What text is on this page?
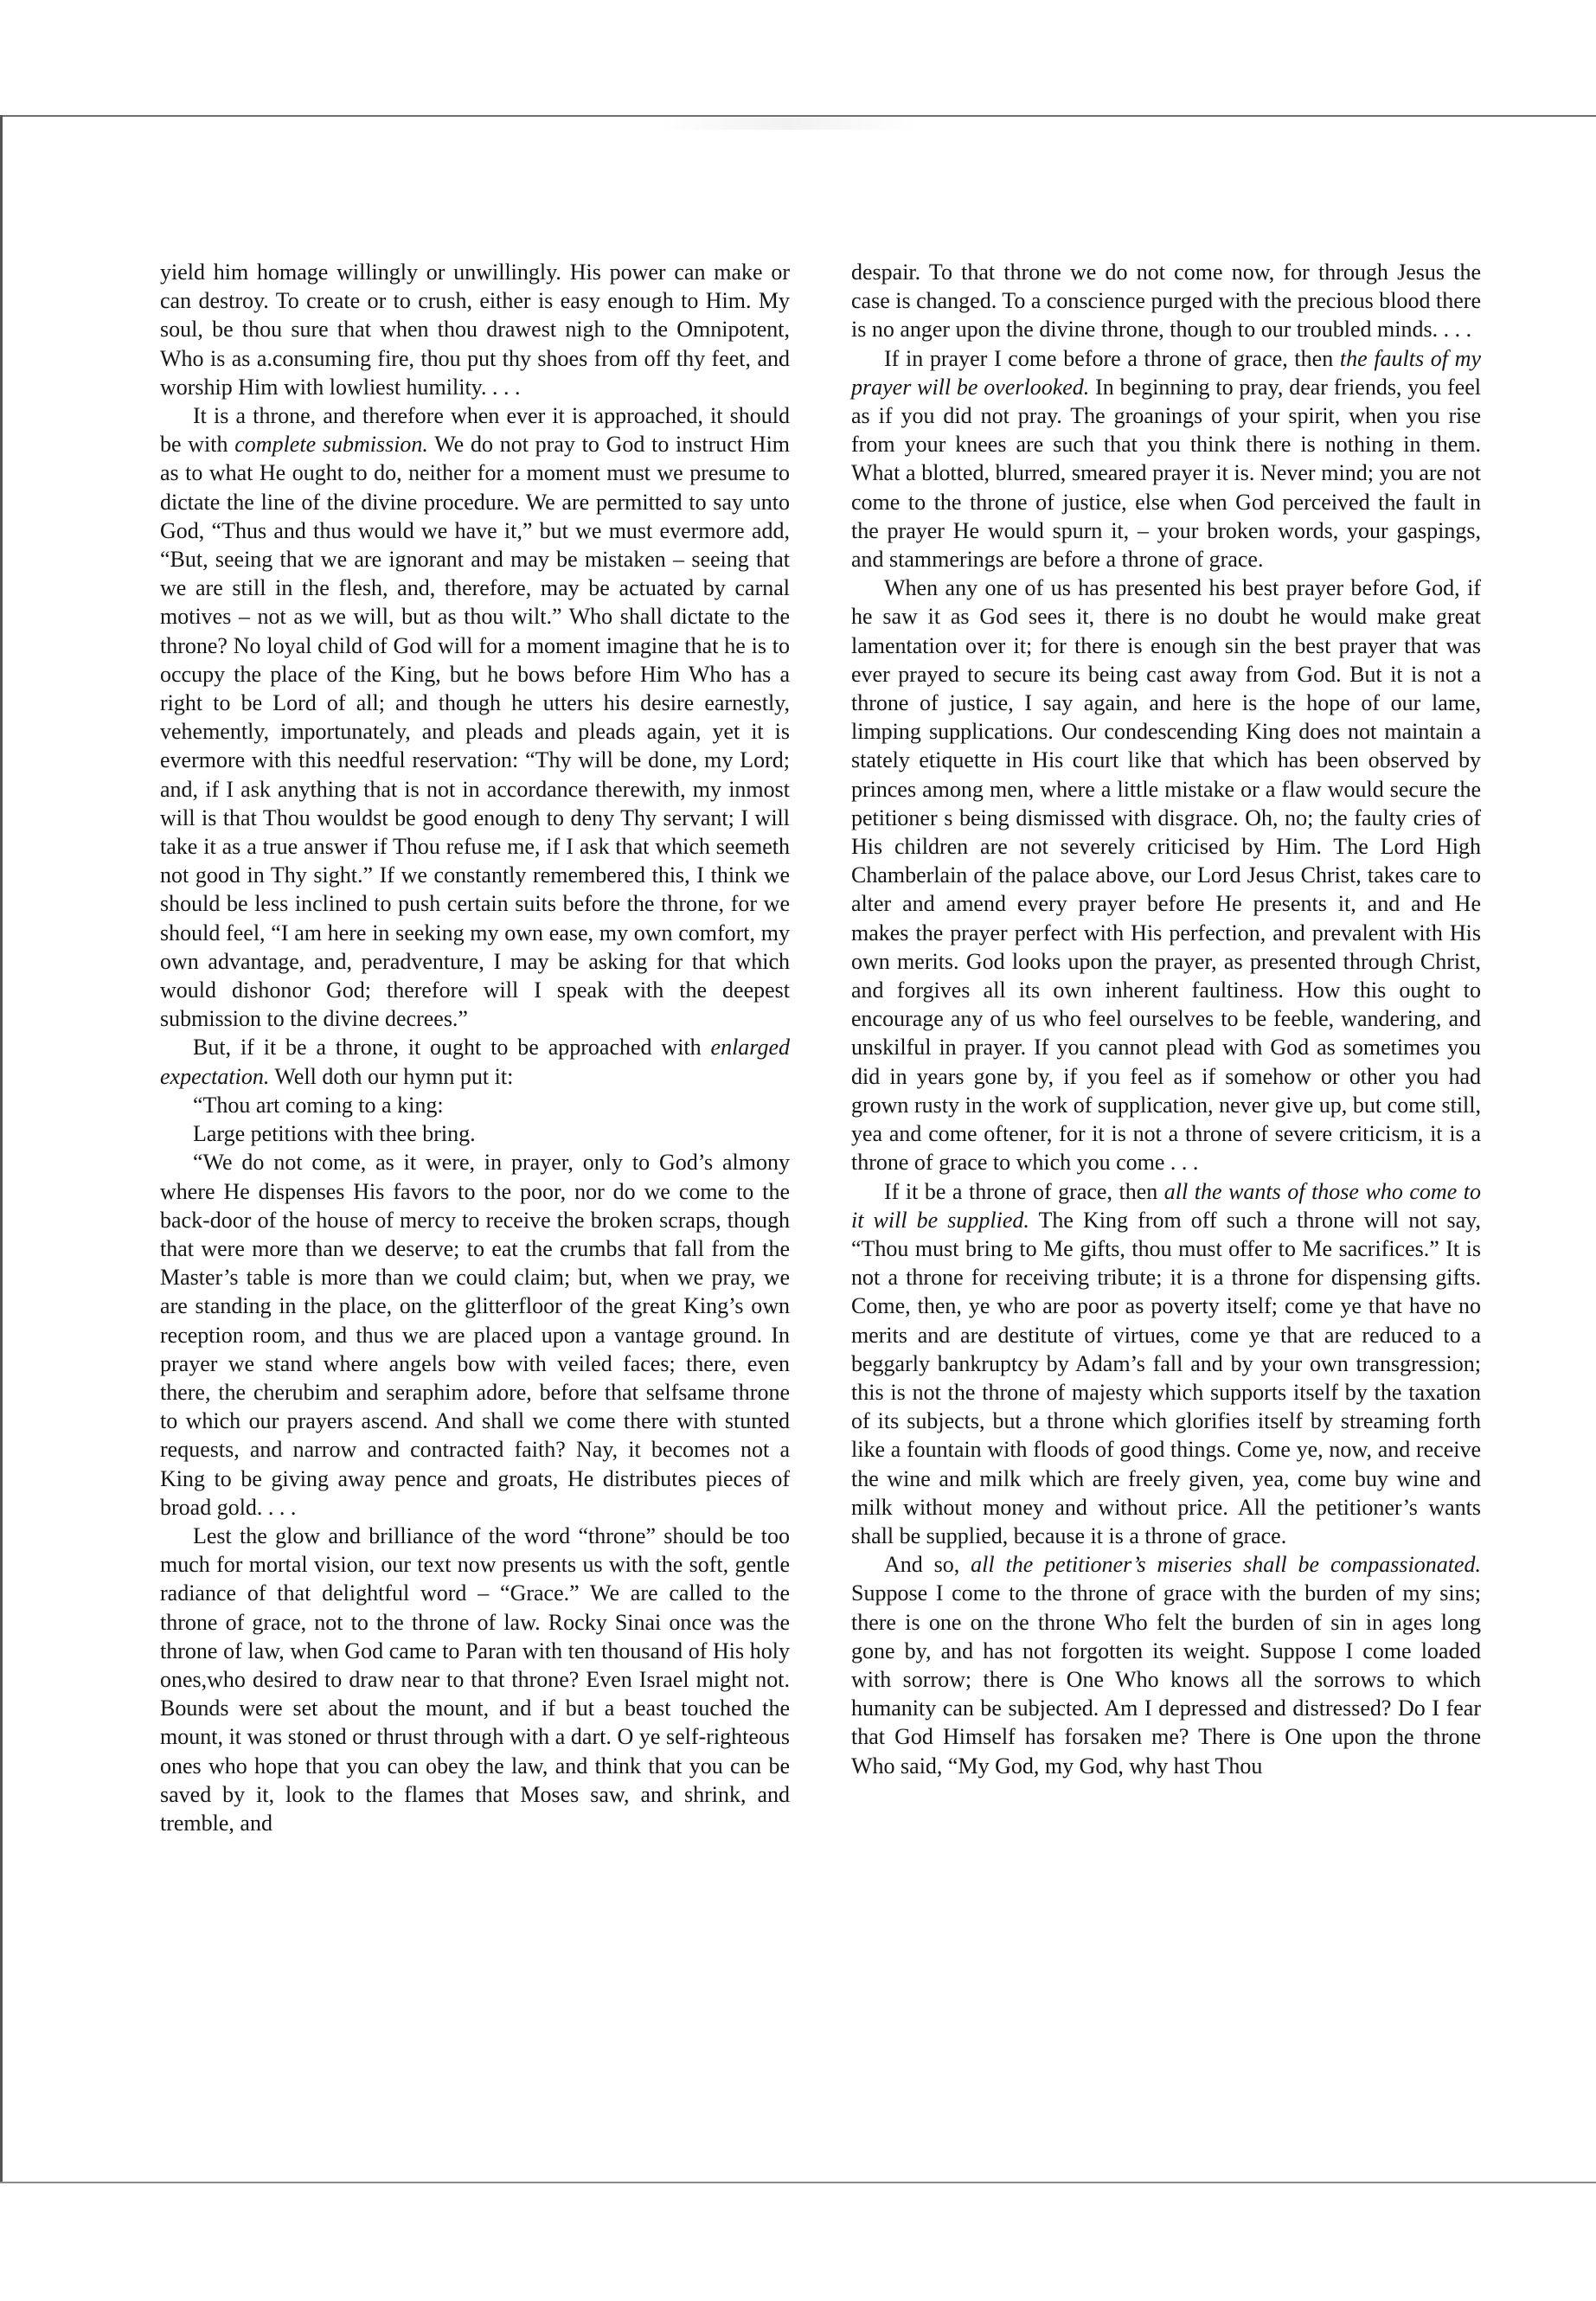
yield him homage willingly or unwillingly. His power can make or can destroy. To create or to crush, either is easy enough to Him. My soul, be thou sure that when thou drawest nigh to the Omnipotent, Who is as a.consuming fire, thou put thy shoes from off thy feet, and worship Him with lowliest humility. . . .

It is a throne, and therefore when ever it is approached, it should be with complete submission. We do not pray to God to instruct Him as to what He ought to do, neither for a moment must we presume to dictate the line of the divine procedure. We are permitted to say unto God, “Thus and thus would we have it,” but we must evermore add, “But, seeing that we are ignorant and may be mistaken – seeing that we are still in the flesh, and, therefore, may be actuated by carnal motives – not as we will, but as thou wilt.” Who shall dictate to the throne? No loyal child of God will for a moment imagine that he is to occupy the place of the King, but he bows before Him Who has a right to be Lord of all; and though he utters his desire earnestly, vehemently, importunately, and pleads and pleads again, yet it is evermore with this needful reservation: “Thy will be done, my Lord; and, if I ask anything that is not in accordance therewith, my inmost will is that Thou wouldst be good enough to deny Thy servant; I will take it as a true answer if Thou refuse me, if I ask that which seemeth not good in Thy sight.” If we constantly remembered this, I think we should be less inclined to push certain suits before the throne, for we should feel, “I am here in seeking my own ease, my own comfort, my own advantage, and, peradventure, I may be asking for that which would dishonor God; therefore will I speak with the deepest submission to the divine decrees.”

But, if it be a throne, it ought to be approached with enlarged expectation. Well doth our hymn put it:

“Thou art coming to a king:

Large petitions with thee bring.

“We do not come, as it were, in prayer, only to God’s almony where He dispenses His favors to the poor, nor do we come to the back-door of the house of mercy to receive the broken scraps, though that were more than we deserve; to eat the crumbs that fall from the Master’s table is more than we could claim; but, when we pray, we are standing in the place, on the glitterfloor of the great King’s own reception room, and thus we are placed upon a vantage ground. In prayer we stand where angels bow with veiled faces; there, even there, the cherubim and seraphim adore, before that selfsame throne to which our prayers ascend. And shall we come there with stunted requests, and narrow and contracted faith? Nay, it becomes not a King to be giving away pence and groats, He distributes pieces of broad gold. . . .

Lest the glow and brilliance of the word “throne” should be too much for mortal vision, our text now presents us with the soft, gentle radiance of that delightful word – “Grace.” We are called to the throne of grace, not to the throne of law. Rocky Sinai once was the throne of law, when God came to Paran with ten thousand of His holy ones,who desired to draw near to that throne? Even Israel might not. Bounds were set about the mount, and if but a beast touched the mount, it was stoned or thrust through with a dart. O ye self-righteous ones who hope that you can obey the law, and think that you can be saved by it, look to the flames that Moses saw, and shrink, and tremble, and

despair. To that throne we do not come now, for through Jesus the case is changed. To a conscience purged with the precious blood there is no anger upon the divine throne, though to our troubled minds. . . .

If in prayer I come before a throne of grace, then the faults of my prayer will be overlooked. In beginning to pray, dear friends, you feel as if you did not pray. The groanings of your spirit, when you rise from your knees are such that you think there is nothing in them. What a blotted, blurred, smeared prayer it is. Never mind; you are not come to the throne of justice, else when God perceived the fault in the prayer He would spurn it, – your broken words, your gaspings, and stammerings are before a throne of grace.

When any one of us has presented his best prayer before God, if he saw it as God sees it, there is no doubt he would make great lamentation over it; for there is enough sin the best prayer that was ever prayed to secure its being cast away from God. But it is not a throne of justice, I say again, and here is the hope of our lame, limping supplications. Our condescending King does not maintain a stately etiquette in His court like that which has been observed by princes among men, where a little mistake or a flaw would secure the petitioner s being dismissed with disgrace. Oh, no; the faulty cries of His children are not severely criticised by Him. The Lord High Chamberlain of the palace above, our Lord Jesus Christ, takes care to alter and amend every prayer before He presents it, and and He makes the prayer perfect with His perfection, and prevalent with His own merits. God looks upon the prayer, as presented through Christ, and forgives all its own inherent faultiness. How this ought to encourage any of us who feel ourselves to be feeble, wandering, and unskilful in prayer. If you cannot plead with God as sometimes you did in years gone by, if you feel as if somehow or other you had grown rusty in the work of supplication, never give up, but come still, yea and come oftener, for it is not a throne of severe criticism, it is a throne of grace to which you come . . .

If it be a throne of grace, then all the wants of those who come to it will be supplied. The King from off such a throne will not say, “Thou must bring to Me gifts, thou must offer to Me sacrifices.” It is not a throne for receiving tribute; it is a throne for dispensing gifts. Come, then, ye who are poor as poverty itself; come ye that have no merits and are destitute of virtues, come ye that are reduced to a beggarly bankruptcy by Adam’s fall and by your own transgression; this is not the throne of majesty which supports itself by the taxation of its subjects, but a throne which glorifies itself by streaming forth like a fountain with floods of good things. Come ye, now, and receive the wine and milk which are freely given, yea, come buy wine and milk without money and without price. All the petitioner’s wants shall be supplied, because it is a throne of grace.

And so, all the petitioner’s miseries shall be compassionated. Suppose I come to the throne of grace with the burden of my sins; there is one on the throne Who felt the burden of sin in ages long gone by, and has not forgotten its weight. Suppose I come loaded with sorrow; there is One Who knows all the sorrows to which humanity can be subjected. Am I depressed and distressed? Do I fear that God Himself has forsaken me? There is One upon the throne Who said, “My God, my God, why hast Thou
